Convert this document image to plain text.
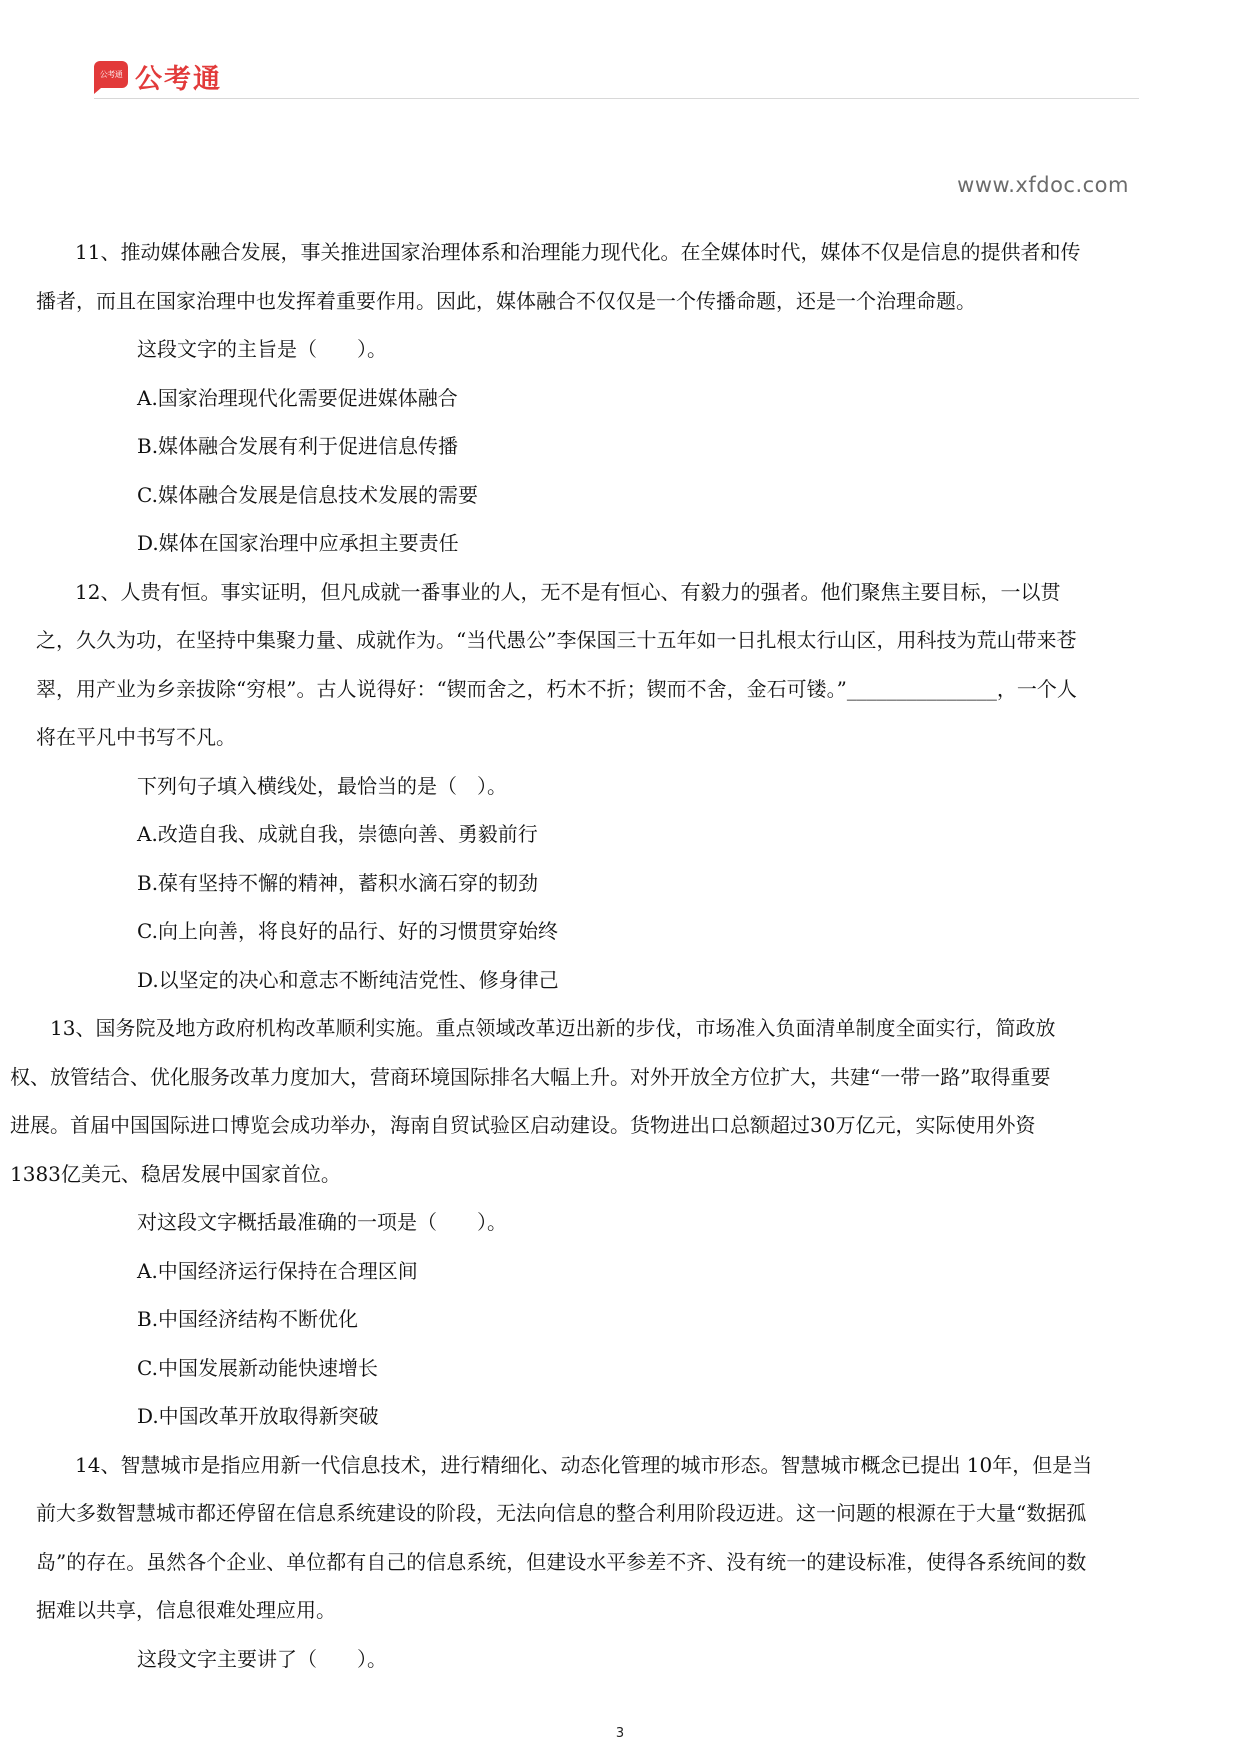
公考通 公考通
www.xfdoc.com

11、推动媒体融合发展，事关推进国家治理体系和治理能力现代化。在全媒体时代，媒体不仅是信息的提供者和传播者，而且在国家治理中也发挥着重要作用。因此，媒体融合不仅仅是一个传播命题，还是一个治理命题。

这段文字的主旨是（　　）。

A.国家治理现代化需要促进媒体融合

B.媒体融合发展有利于促进信息传播

C.媒体融合发展是信息技术发展的需要

D.媒体在国家治理中应承担主要责任

12、人贵有恒。事实证明，但凡成就一番事业的人，无不是有恒心、有毅力的强者。他们聚焦主要目标，一以贯之，久久为功，在坚持中集聚力量、成就作为。“当代愚公”李保国三十五年如一日扎根太行山区，用科技为荒山带来苍翠，用产业为乡亲拔除“穷根”。古人说得好：“锲而舍之，朽木不折；锲而不舍，金石可镂。”_______________，一个人将在平凡中书写不凡。

下列句子填入横线处，最恰当的是（　）。

A.改造自我、成就自我，崇德向善、勇毅前行

B.葆有坚持不懈的精神，蓄积水滴石穿的韧劲

C.向上向善，将良好的品行、好的习惯贯穿始终

D.以坚定的决心和意志不断纯洁党性、修身律己

13、国务院及地方政府机构改革顺利实施。重点领域改革迈出新的步伐，市场准入负面清单制度全面实行，简政放权、放管结合、优化服务改革力度加大，营商环境国际排名大幅上升。对外开放全方位扩大，共建“一带一路”取得重要进展。首届中国国际进口博览会成功举办，海南自贸试验区启动建设。货物进出口总额超过30万亿元，实际使用外资 1383亿美元、稳居发展中国家首位。

对这段文字概括最准确的一项是（　　）。

A.中国经济运行保持在合理区间

B.中国经济结构不断优化

C.中国发展新动能快速增长

D.中国改革开放取得新突破

14、智慧城市是指应用新一代信息技术，进行精细化、动态化管理的城市形态。智慧城市概念已提出 10年，但是当前大多数智慧城市都还停留在信息系统建设的阶段，无法向信息的整合利用阶段迈进。这一问题的根源在于大量“数据孤岛”的存在。虽然各个企业、单位都有自己的信息系统，但建设水平参差不齐、没有统一的建设标准，使得各系统间的数据难以共享，信息很难处理应用。

这段文字主要讲了（　　）。

3
